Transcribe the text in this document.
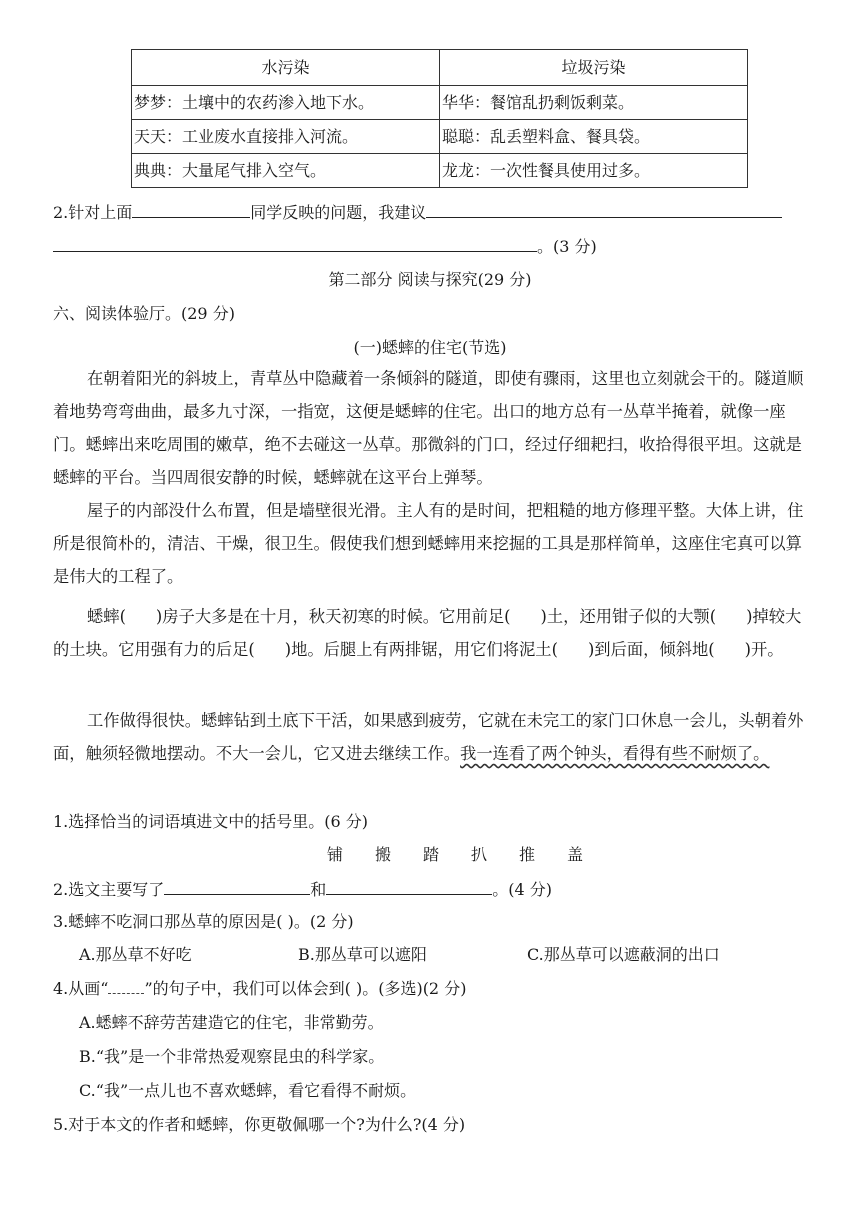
水污染	垃圾污染
梦梦：土壤中的农药渗入地下水。	华华：餐馆乱扔剩饭剩菜。
天天：工业废水直接排入河流。	聪聪：乱丢塑料盒、餐具袋。
典典：大量尾气排入空气。	龙龙：一次性餐具使用过多。
2.针对上面	同学反映的问题，我建议
。(3 分)
第二部分 阅读与探究(29 分)
六、阅读体验厅。(29 分)
(一)蟋蟀的住宅(节选)
在朝着阳光的斜坡上，青草丛中隐藏着一条倾斜的隧道，即使有骤雨，这里也立刻就会干的。隧道顺着地势弯弯曲曲，最多九寸深，一指宽，这便是蟋蟀的住宅。出口的地方总有一丛草半掩着，就像一座门。蟋蟀出来吃周围的嫩草，绝不去碰这一丛草。那微斜的门口，经过仔细耙扫，收拾得很平坦。这就是蟋蟀的平台。当四周很安静的时候，蟋蟀就在这平台上弹琴。
屋子的内部没什么布置，但是墙壁很光滑。主人有的是时间，把粗糙的地方修理平整。大体上讲，住所是很简朴的，清洁、干燥，很卫生。假使我们想到蟋蟀用来挖掘的工具是那样简单，这座住宅真可以算是伟大的工程了。
蟋蟀( )房子大多是在十月，秋天初寒的时候。它用前足( )土，还用钳子似的大颚( )掉较大的土块。它用强有力的后足( )地。后腿上有两排锯，用它们将泥土( )到后面，倾斜地( )开。
工作做得很快。蟋蟀钻到土底下干活，如果感到疲劳，它就在未完工的家门口休息一会儿，头朝着外面，触须轻微地摆动。不大一会儿，它又进去继续工作。我一连看了两个钟头，看得有些不耐烦了。
1.选择恰当的词语填进文中的括号里。(6 分)
铺 搬 踏 扒 推 盖
2.选文主要写了	和	。(4 分)
3.蟋蟀不吃洞口那丛草的原因是( )。(2 分)
A.那丛草不好吃	B.那丛草可以遮阳	C.那丛草可以遮蔽洞的出口
4.从画“ ”的句子中，我们可以体会到( )。(多选)(2 分)
A.蟋蟀不辞劳苦建造它的住宅，非常勤劳。
B.“我”是一个非常热爱观察昆虫的科学家。
C.“我”一点儿也不喜欢蟋蟀，看它看得不耐烦。
5.对于本文的作者和蟋蟀，你更敬佩哪一个?为什么?(4 分)
